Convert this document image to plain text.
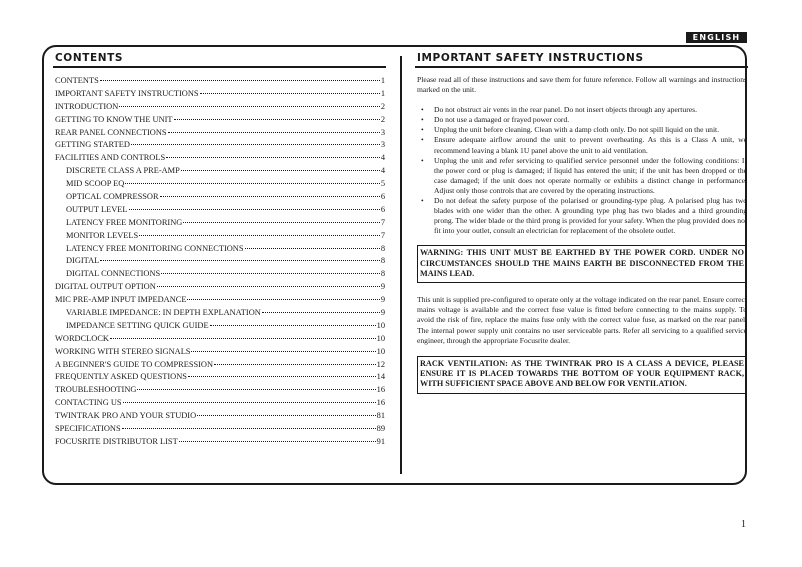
ENGLISH
CONTENTS	IMPORTANT SAFETY INSTRUCTIONS
CONTENTS	1
IMPORTANT SAFETY INSTRUCTIONS	1
INTRODUCTION	2
GETTING TO KNOW THE UNIT	2
REAR PANEL CONNECTIONS	3
GETTING STARTED	3
FACILITIES AND CONTROLS	4
DISCRETE CLASS A PRE-AMP	4
MID SCOOP EQ	5
OPTICAL COMPRESSOR	6
OUTPUT LEVEL	6
LATENCY FREE MONITORING	7
MONITOR LEVELS	7
LATENCY FREE MONITORING CONNECTIONS	8
DIGITAL	8
DIGITAL CONNECTIONS	8
DIGITAL OUTPUT OPTION	9
MIC PRE-AMP INPUT IMPEDANCE	9
VARIABLE IMPEDANCE: IN DEPTH EXPLANATION	9
IMPEDANCE SETTING QUICK GUIDE	10
WORDCLOCK	10
WORKING WITH STEREO SIGNALS	10
A BEGINNER'S GUIDE TO COMPRESSION	12
FREQUENTLY ASKED QUESTIONS	14
TROUBLESHOOTING	16
CONTACTING US	16
TWINTRAK PRO AND YOUR STUDIO	81
SPECIFICATIONS	89
FOCUSRITE DISTRIBUTOR LIST	91

Please read all of these instructions and save them for future reference. Follow all warnings and instructions marked on the unit.

• Do not obstruct air vents in the rear panel. Do not insert objects through any apertures.
• Do not use a damaged or frayed power cord.
• Unplug the unit before cleaning. Clean with a damp cloth only. Do not spill liquid on the unit.
• Ensure adequate airflow around the unit to prevent overheating. As this is a Class A unit, we recommend leaving a blank 1U panel above the unit to aid ventilation.
• Unplug the unit and refer servicing to qualified service personnel under the following conditions: If the power cord or plug is damaged; if liquid has entered the unit; if the unit has been dropped or the case damaged; if the unit does not operate normally or exhibits a distinct change in performance. Adjust only those controls that are covered by the operating instructions.
• Do not defeat the safety purpose of the polarised or grounding-type plug. A polarised plug has two blades with one wider than the other. A grounding type plug has two blades and a third grounding prong. The wider blade or the third prong is provided for your safety. When the plug provided does not fit into your outlet, consult an electrician for replacement of the obsolete outlet.
WARNING: THIS UNIT MUST BE EARTHED BY THE POWER CORD. UNDER NO CIRCUMSTANCES SHOULD THE MAINS EARTH BE DISCONNECTED FROM THE MAINS LEAD.

This unit is supplied pre-configured to operate only at the voltage indicated on the rear panel. Ensure correct mains voltage is available and the correct fuse value is fitted before connecting to the mains supply. To avoid the risk of fire, replace the mains fuse only with the correct value fuse, as marked on the rear panel. The internal power supply unit contains no user serviceable parts. Refer all servicing to a qualified service engineer, through the appropriate Focusrite dealer.

RACK VENTILATION: AS THE TWINTRAK PRO IS A CLASS A DEVICE, PLEASE ENSURE IT IS PLACED TOWARDS THE BOTTOM OF YOUR EQUIPMENT RACK, WITH SUFFICIENT SPACE ABOVE AND BELOW FOR VENTILATION.
1
